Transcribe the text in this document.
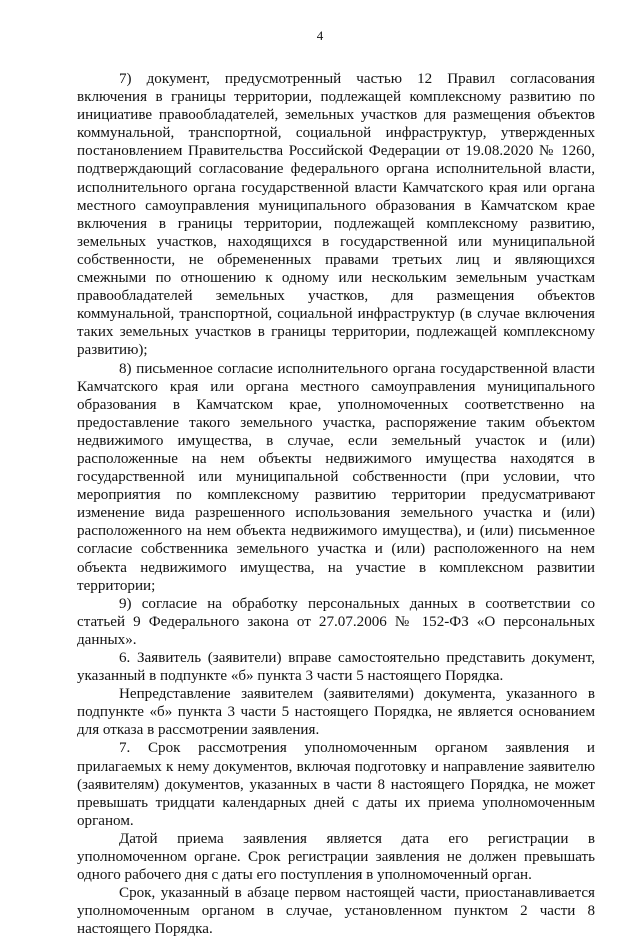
4

7) документ, предусмотренный частью 12 Правил согласования включения в границы территории, подлежащей комплексному развитию по инициативе правообладателей, земельных участков для размещения объектов коммунальной, транспортной, социальной инфраструктур, утвержденных постановлением Правительства Российской Федерации от 19.08.2020 № 1260, подтверждающий согласование федерального органа исполнительной власти, исполнительного органа государственной власти Камчатского края или органа местного самоуправления муниципального образования в Камчатском крае включения в границы территории, подлежащей комплексному развитию, земельных участков, находящихся в государственной или муниципальной собственности, не обремененных правами третьих лиц и являющихся смежными по отношению к одному или нескольким земельным участкам правообладателей земельных участков, для размещения объектов коммунальной, транспортной, социальной инфраструктур (в случае включения таких земельных участков в границы территории, подлежащей комплексному развитию);

8) письменное согласие исполнительного органа государственной власти Камчатского края или органа местного самоуправления муниципального образования в Камчатском крае, уполномоченных соответственно на предоставление такого земельного участка, распоряжение таким объектом недвижимого имущества, в случае, если земельный участок и (или) расположенные на нем объекты недвижимого имущества находятся в государственной или муниципальной собственности (при условии, что мероприятия по комплексному развитию территории предусматривают изменение вида разрешенного использования земельного участка и (или) расположенного на нем объекта недвижимого имущества), и (или) письменное согласие собственника земельного участка и (или) расположенного на нем объекта недвижимого имущества, на участие в комплексном развитии территории;

9) согласие на обработку персональных данных в соответствии со статьей 9 Федерального закона от 27.07.2006 № 152-ФЗ «О персональных данных».

6. Заявитель (заявители) вправе самостоятельно представить документ, указанный в подпункте «б» пункта 3 части 5 настоящего Порядка.

Непредставление заявителем (заявителями) документа, указанного в подпункте «б» пункта 3 части 5 настоящего Порядка, не является основанием для отказа в рассмотрении заявления.

7. Срок рассмотрения уполномоченным органом заявления и прилагаемых к нему документов, включая подготовку и направление заявителю (заявителям) документов, указанных в части 8 настоящего Порядка, не может превышать тридцати календарных дней с даты их приема уполномоченным органом.

Датой приема заявления является дата его регистрации в уполномоченном органе. Срок регистрации заявления не должен превышать одного рабочего дня с даты его поступления в уполномоченный орган.

Срок, указанный в абзаце первом настоящей части, приостанавливается уполномоченным органом в случае, установленном пунктом 2 части 8 настоящего Порядка.
